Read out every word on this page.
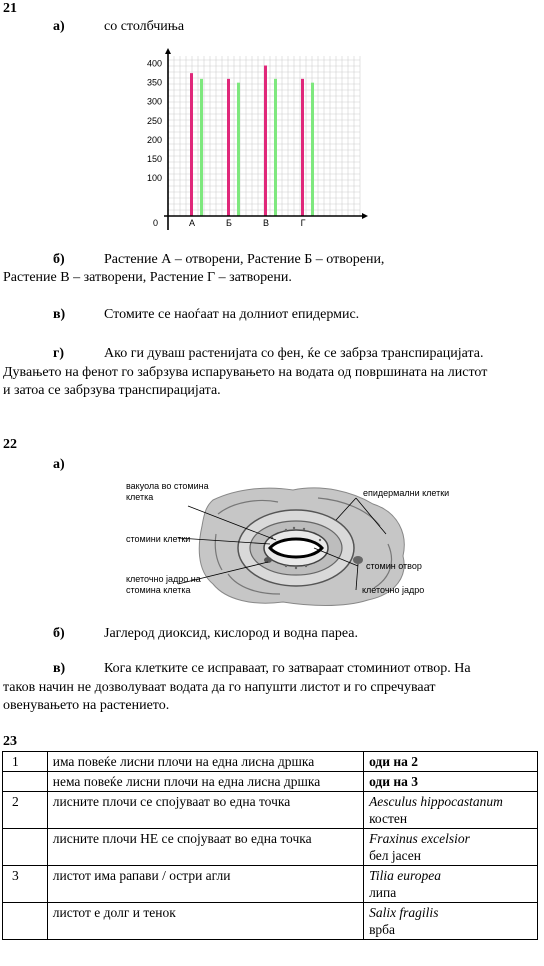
21
а)	со столбчиња
0
100
150
200
250
300
350
400
А	Б	В	Г
б)	Растение А – отворени, Растение Б – отворени,
Растение В – затворени, Растение Г – затворени.
в)	Стомите се наоѓаат на долниот епидермис.
г)	Ако ги дуваш растенијата со фен, ќе се забрза транспирацијата.
Дувањето на фенот го забрзува испарувањето на водата од површината на листот
и затоа се забрзува транспирацијата.
22
а)
вакуола во стомина клетка	епидермални клетки
стомини клетки
стомин отвор
клеточно јадро на стомина клетка	клеточно јадро
б)	Јаглерод диоксид, кислород и водна пареа.
в)	Кога клетките се исправаат, го затвараат стоминиот отвор. На
таков начин не дозволуваат водата да го напушти листот и го спречуваат
овенувањето на растението.
23
1	има повеќе лисни плочи на една лисна дршка	оди на 2
	нема повеќе лисни плочи на една лисна дршка	оди на 3
2	лисните плочи се спојуваат во една точка	Aesculus hippocastanum
костен

	лисните плочи НЕ се спојуваат во една точка	Fraxinus excelsior
бел јасен

3	листот има рапави / остри агли	Tilia europea
липа

	листот е долг и тенок	Salix fragilis
врба
